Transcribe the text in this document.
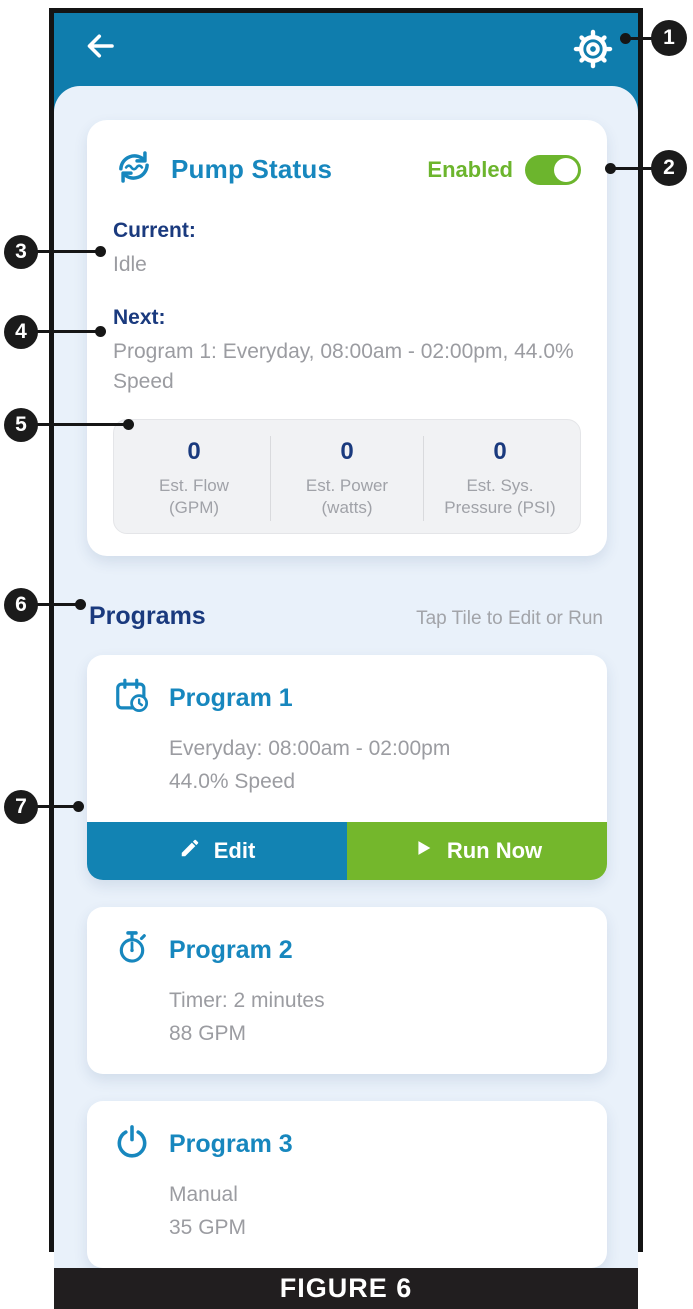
Pump Status	Enabled
Current:
Idle
Next:
Program 1: Everyday, 08:00am - 02:00pm, 44.0% Speed
0
Est. Flow (GPM)
0
Est. Power (watts)
0
Est. Sys. Pressure (PSI)
Programs	Tap Tile to Edit or Run
Program 1
Everyday: 08:00am - 02:00pm
44.0% Speed
Edit	Run Now
Program 2
Timer: 2 minutes
88 GPM
Program 3
Manual
35 GPM
FIGURE 6
1
2
3
4
5
6
7
